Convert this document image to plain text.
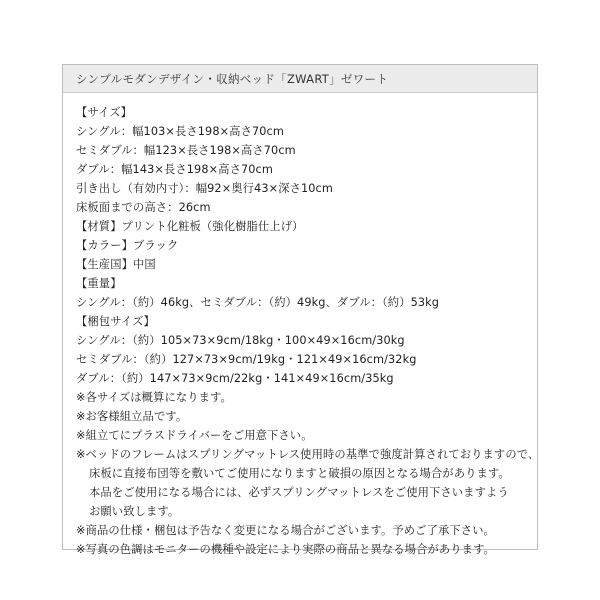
シンプルモダンデザイン・収納ベッド「ZWART」ゼワート
【サイズ】
シングル：幅103×長さ198×高さ70cm
セミダブル：幅123×長さ198×高さ70cm
ダブル：幅143×長さ198×高さ70cm
引き出し（有効内寸）：幅92×奥行43×深さ10cm
床板面までの高さ：26cm
【材質】プリント化粧板（強化樹脂仕上げ）
【カラー】ブラック
【生産国】中国
【重量】
シングル：（約）46kg、セミダブル：（約）49kg、ダブル：（約）53kg
【梱包サイズ】
シングル：（約）105×73×9cm/18kg・100×49×16cm/30kg
セミダブル：（約）127×73×9cm/19kg・121×49×16cm/32kg
ダブル：（約）147×73×9cm/22kg・141×49×16cm/35kg
※各サイズは概算になります。
※お客様組立品です。
※組立てにプラスドライバーをご用意下さい。
※ベッドのフレームはスプリングマットレス使用時の基準で強度計算されておりますので、
床板に直接布団等を敷いてご使用になりますと破損の原因となる場合があります。
本品をご使用になる場合には、必ずスプリングマットレスをご使用下さいますよう
お願い致します。
※商品の仕様・梱包は予告なく変更になる場合がございます。予めご了承下さい。
※写真の色調はモニターの機種や設定により実際の商品と異なる場合があります。
